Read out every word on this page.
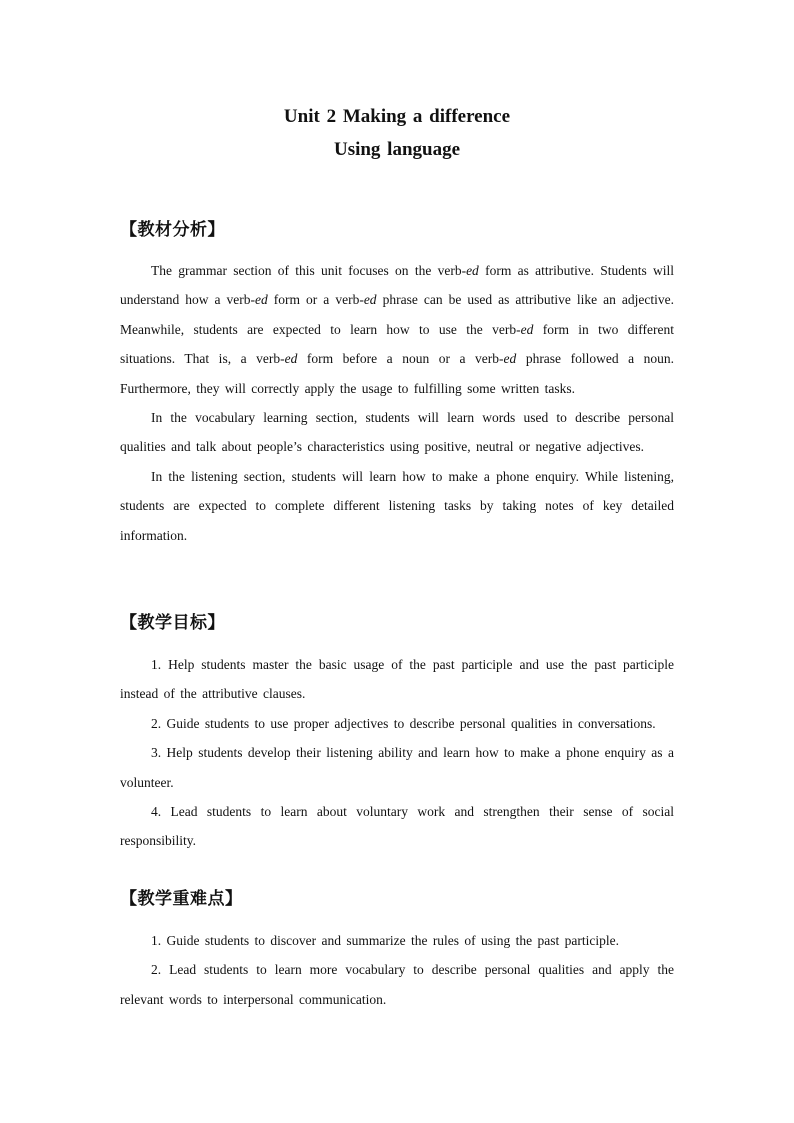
Unit 2 Making a difference
Using language
【教材分析】

The grammar section of this unit focuses on the verb-ed form as attributive. Students will understand how a verb-ed form or a verb-ed phrase can be used as attributive like an adjective. Meanwhile, students are expected to learn how to use the verb-ed form in two different situations. That is, a verb-ed form before a noun or a verb-ed phrase followed a noun. Furthermore, they will correctly apply the usage to fulfilling some written tasks.

In the vocabulary learning section, students will learn words used to describe personal qualities and talk about people’s characteristics using positive, neutral or negative adjectives.

In the listening section, students will learn how to make a phone enquiry. While listening, students are expected to complete different listening tasks by taking notes of key detailed information.

【教学目标】

1. Help students master the basic usage of the past participle and use the past participle instead of the attributive clauses.

2. Guide students to use proper adjectives to describe personal qualities in conversations.

3. Help students develop their listening ability and learn how to make a phone enquiry as a volunteer.

4. Lead students to learn about voluntary work and strengthen their sense of social responsibility.

【教学重难点】

1. Guide students to discover and summarize the rules of using the past participle.

2. Lead students to learn more vocabulary to describe personal qualities and apply the relevant words to interpersonal communication.
